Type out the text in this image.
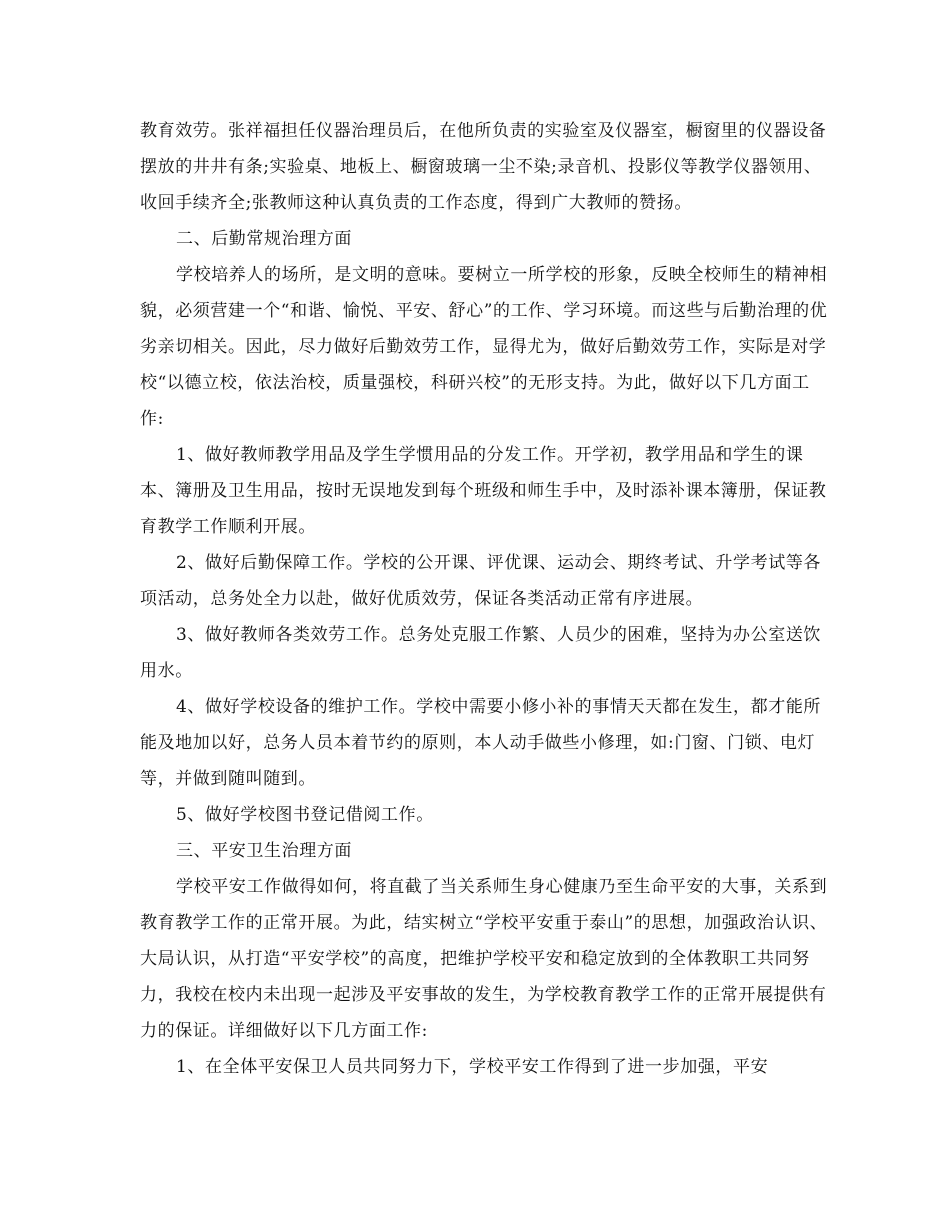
教育效劳。张祥福担任仪器治理员后，在他所负责的实验室及仪器室，橱窗里的仪器设备摆放的井井有条;实验桌、地板上、橱窗玻璃一尘不染;录音机、投影仪等教学仪器领用、收回手续齐全;张教师这种认真负责的工作态度，得到广大教师的赞扬。

二、后勤常规治理方面

学校培养人的场所，是文明的意味。要树立一所学校的形象，反映全校师生的精神相貌，必须营建一个“和谐、愉悦、平安、舒心”的工作、学习环境。而这些与后勤治理的优劣亲切相关。因此，尽力做好后勤效劳工作，显得尤为，做好后勤效劳工作，实际是对学校“以德立校，依法治校，质量强校，科研兴校”的无形支持。为此，做好以下几方面工作:

1、做好教师教学用品及学生学惯用品的分发工作。开学初，教学用品和学生的课本、簿册及卫生用品，按时无误地发到每个班级和师生手中，及时添补课本簿册，保证教育教学工作顺利开展。

2、做好后勤保障工作。学校的公开课、评优课、运动会、期终考试、升学考试等各项活动，总务处全力以赴，做好优质效劳，保证各类活动正常有序进展。

3、做好教师各类效劳工作。总务处克服工作繁、人员少的困难，坚持为办公室送饮用水。

4、做好学校设备的维护工作。学校中需要小修小补的事情天天都在发生，都才能所能及地加以好，总务人员本着节约的原则，本人动手做些小修理，如:门窗、门锁、电灯等，并做到随叫随到。

5、做好学校图书登记借阅工作。

三、平安卫生治理方面

学校平安工作做得如何，将直截了当关系师生身心健康乃至生命平安的大事，关系到教育教学工作的正常开展。为此，结实树立“学校平安重于泰山”的思想，加强政治认识、大局认识，从打造“平安学校”的高度，把维护学校平安和稳定放到的全体教职工共同努力，我校在校内未出现一起涉及平安事故的发生，为学校教育教学工作的正常开展提供有力的保证。详细做好以下几方面工作:

1、在全体平安保卫人员共同努力下，学校平安工作得到了进一步加强，平安
